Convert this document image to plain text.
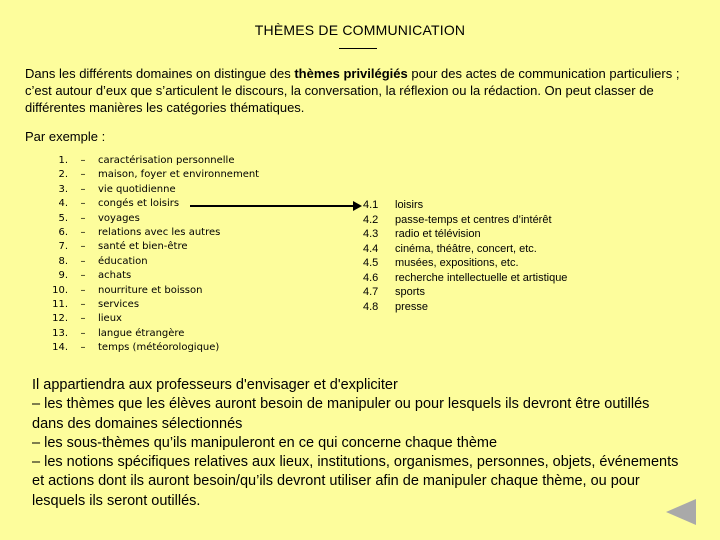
THÈMES DE COMMUNICATION
Dans les différents domaines on distingue des thèmes privilégiés pour des actes de communication particuliers ; c’est autour d’eux que s’articulent le discours, la conversation, la réflexion ou la rédaction. On peut classer de différentes manières les catégories thématiques.
Par exemple :
1.	–	caractérisation personnelle
2.	–	maison, foyer et environnement
3.	–	vie quotidienne
4.	–	congés et loisirs
5.	–	voyages
6.	–	relations avec les autres
7.	–	santé et bien-être
8.	–	éducation
9.	–	achats
10.	–	nourriture et boisson
11.	–	services
12.	–	lieux
13.	–	langue étrangère
14.	–	temps (météorologique)
4.1	loisirs
4.2	passe-temps et centres d’intérêt
4.3	radio et télévision
4.4	cinéma, théâtre, concert, etc.
4.5	musées, expositions, etc.
4.6	recherche intellectuelle et artistique
4.7	sports
4.8	presse

Il appartiendra aux professeurs d'envisager et d'expliciter

– les thèmes que les élèves auront besoin de manipuler ou pour lesquels ils devront être outillés dans des domaines sélectionnés

– les sous-thèmes qu’ils manipuleront en ce qui concerne chaque thème

– les notions spécifiques relatives aux lieux, institutions, organismes, personnes, objets, événements et actions dont ils auront besoin/qu’ils devront utiliser afin de manipuler chaque thème, ou pour lesquels ils seront outillés.
